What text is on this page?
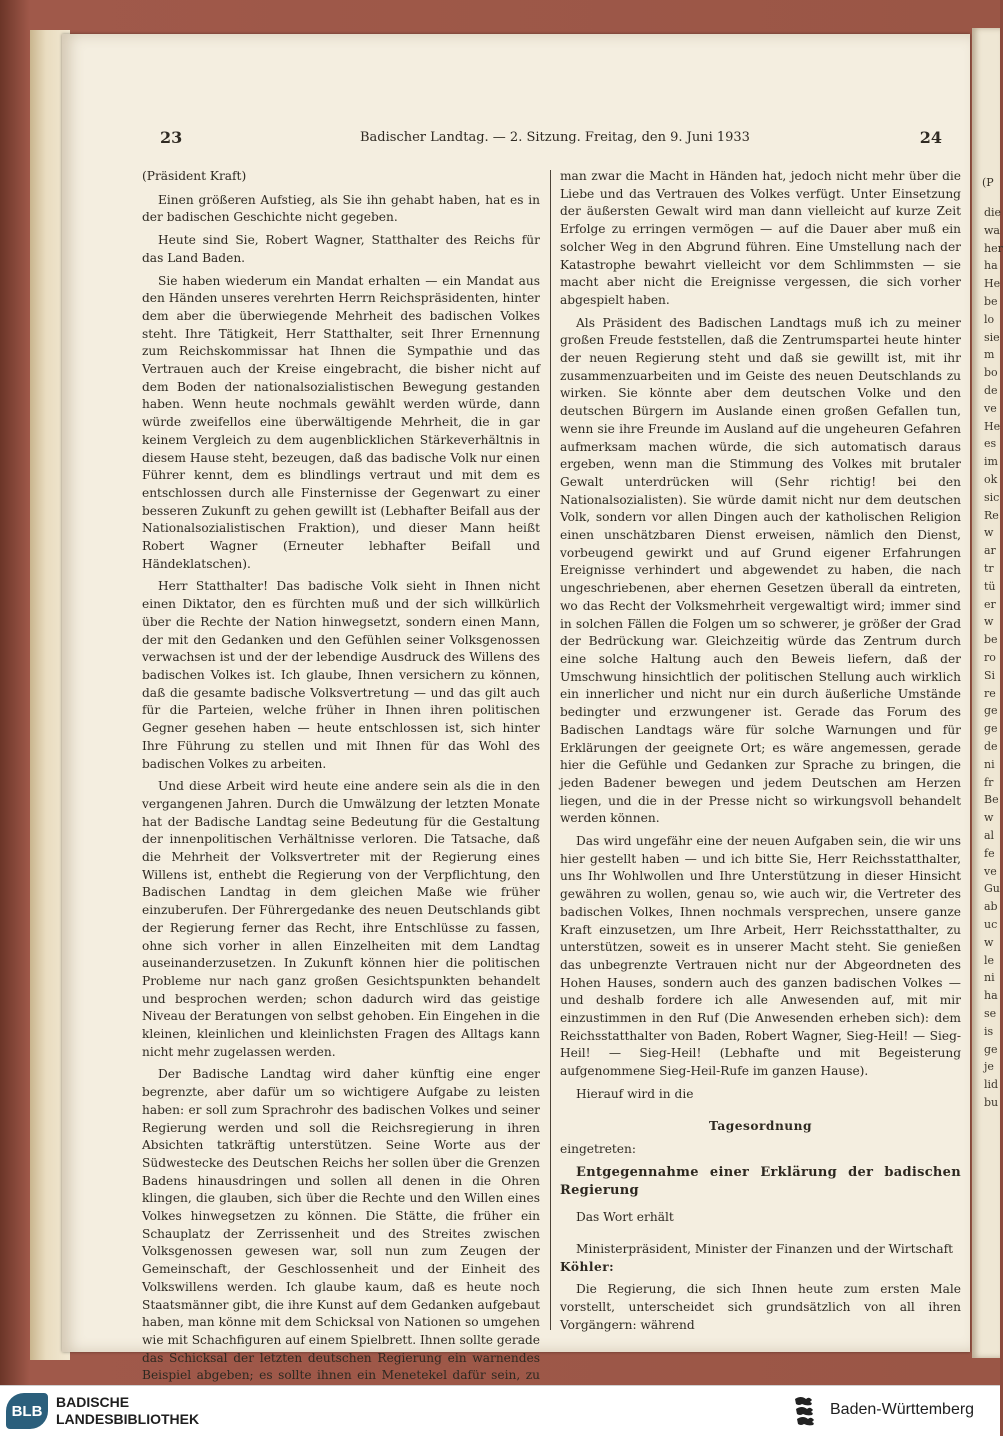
(P
die
wa
her
ha
He
be
lo
sie
m
bo
de
ve
He
es
im
ok
sic
Re
w
ar
tr
tü
er
w
be
ro
Si
re
ge
ge
de
ni
fr
Be
w
al
fe
ve
Gu
ab
uc
w
le
ni
ha
se
is
ge
je
lid
bu
23	Badischer Landtag. — 2. Sitzung. Freitag, den 9. Juni 1933	24

(Präsident Kraft)

Einen größeren Aufstieg, als Sie ihn gehabt haben, hat es in der badischen Geschichte nicht gegeben.

Heute sind Sie, Robert Wagner, Statthalter des Reichs für das Land Baden.

Sie haben wiederum ein Mandat erhalten — ein Mandat aus den Händen unseres verehrten Herrn Reichspräsidenten, hinter dem aber die überwiegende Mehrheit des badischen Volkes steht. Ihre Tätigkeit, Herr Statthalter, seit Ihrer Ernennung zum Reichskommissar hat Ihnen die Sympathie und das Vertrauen auch der Kreise eingebracht, die bisher nicht auf dem Boden der nationalsozialistischen Bewegung gestanden haben. Wenn heute nochmals gewählt werden würde, dann würde zweifellos eine überwältigende Mehrheit, die in gar keinem Vergleich zu dem augenblicklichen Stärkeverhältnis in diesem Hause steht, bezeugen, daß das badische Volk nur einen Führer kennt, dem es blindlings vertraut und mit dem es entschlossen durch alle Finsternisse der Gegenwart zu einer besseren Zukunft zu gehen gewillt ist (Lebhafter Beifall aus der Nationalsozialistischen Fraktion), und dieser Mann heißt Robert Wagner (Erneuter lebhafter Beifall und Händeklatschen).

Herr Statthalter! Das badische Volk sieht in Ihnen nicht einen Diktator, den es fürchten muß und der sich willkürlich über die Rechte der Nation hinwegsetzt, sondern einen Mann, der mit den Gedanken und den Gefühlen seiner Volksgenossen verwachsen ist und der der lebendige Ausdruck des Willens des badischen Volkes ist. Ich glaube, Ihnen versichern zu können, daß die gesamte badische Volksvertretung — und das gilt auch für die Parteien, welche früher in Ihnen ihren politischen Gegner gesehen haben — heute entschlossen ist, sich hinter Ihre Führung zu stellen und mit Ihnen für das Wohl des badischen Volkes zu arbeiten.

Und diese Arbeit wird heute eine andere sein als die in den vergangenen Jahren. Durch die Umwälzung der letzten Monate hat der Badische Landtag seine Bedeutung für die Gestaltung der innenpolitischen Verhältnisse verloren. Die Tatsache, daß die Mehrheit der Volksvertreter mit der Regierung eines Willens ist, enthebt die Regierung von der Verpflichtung, den Badischen Landtag in dem gleichen Maße wie früher einzuberufen. Der Führergedanke des neuen Deutschlands gibt der Regierung ferner das Recht, ihre Entschlüsse zu fassen, ohne sich vorher in allen Einzelheiten mit dem Landtag auseinanderzusetzen. In Zukunft können hier die politischen Probleme nur nach ganz großen Gesichtspunkten behandelt und besprochen werden; schon dadurch wird das geistige Niveau der Beratungen von selbst gehoben. Ein Eingehen in die kleinen, kleinlichen und kleinlichsten Fragen des Alltags kann nicht mehr zugelassen werden.

Der Badische Landtag wird daher künftig eine enger begrenzte, aber dafür um so wichtigere Aufgabe zu leisten haben: er soll zum Sprachrohr des badischen Volkes und seiner Regierung werden und soll die Reichsregierung in ihren Absichten tatkräftig unterstützen. Seine Worte aus der Südwestecke des Deutschen Reichs her sollen über die Grenzen Badens hinausdringen und sollen all denen in die Ohren klingen, die glauben, sich über die Rechte und den Willen eines Volkes hinwegsetzen zu können. Die Stätte, die früher ein Schauplatz der Zerrissenheit und des Streites zwischen Volksgenossen gewesen war, soll nun zum Zeugen der Gemeinschaft, der Geschlossenheit und der Einheit des Volkswillens werden. Ich glaube kaum, daß es heute noch Staatsmänner gibt, die ihre Kunst auf dem Gedanken aufgebaut haben, man könne mit dem Schicksal von Nationen so umgehen wie mit Schachfiguren auf einem Spielbrett. Ihnen sollte gerade das Schicksal der letzten deutschen Regierung ein warnendes Beispiel abgeben; es sollte ihnen ein Menetekel dafür sein, zu

man zwar die Macht in Händen hat, jedoch nicht mehr über die Liebe und das Vertrauen des Volkes verfügt. Unter Einsetzung der äußersten Gewalt wird man dann vielleicht auf kurze Zeit Erfolge zu erringen vermögen — auf die Dauer aber muß ein solcher Weg in den Abgrund führen. Eine Umstellung nach der Katastrophe bewahrt vielleicht vor dem Schlimmsten — sie macht aber nicht die Ereignisse vergessen, die sich vorher abgespielt haben.

Als Präsident des Badischen Landtags muß ich zu meiner großen Freude feststellen, daß die Zentrumspartei heute hinter der neuen Regierung steht und daß sie gewillt ist, mit ihr zusammenzuarbeiten und im Geiste des neuen Deutschlands zu wirken. Sie könnte aber dem deutschen Volke und den deutschen Bürgern im Auslande einen großen Gefallen tun, wenn sie ihre Freunde im Ausland auf die ungeheuren Gefahren aufmerksam machen würde, die sich automatisch daraus ergeben, wenn man die Stimmung des Volkes mit brutaler Gewalt unterdrücken will (Sehr richtig! bei den Nationalsozialisten). Sie würde damit nicht nur dem deutschen Volk, sondern vor allen Dingen auch der katholischen Religion einen unschätzbaren Dienst erweisen, nämlich den Dienst, vorbeugend gewirkt und auf Grund eigener Erfahrungen Ereignisse verhindert und abgewendet zu haben, die nach ungeschriebenen, aber ehernen Gesetzen überall da eintreten, wo das Recht der Volksmehrheit vergewaltigt wird; immer sind in solchen Fällen die Folgen um so schwerer, je größer der Grad der Bedrückung war. Gleichzeitig würde das Zentrum durch eine solche Haltung auch den Beweis liefern, daß der Umschwung hinsichtlich der politischen Stellung auch wirklich ein innerlicher und nicht nur ein durch äußerliche Umstände bedingter und erzwungener ist. Gerade das Forum des Badischen Landtags wäre für solche Warnungen und für Erklärungen der geeignete Ort; es wäre angemessen, gerade hier die Gefühle und Gedanken zur Sprache zu bringen, die jeden Badener bewegen und jedem Deutschen am Herzen liegen, und die in der Presse nicht so wirkungsvoll behandelt werden können.

Das wird ungefähr eine der neuen Aufgaben sein, die wir uns hier gestellt haben — und ich bitte Sie, Herr Reichsstatthalter, uns Ihr Wohlwollen und Ihre Unterstützung in dieser Hinsicht gewähren zu wollen, genau so, wie auch wir, die Vertreter des badischen Volkes, Ihnen nochmals versprechen, unsere ganze Kraft einzusetzen, um Ihre Arbeit, Herr Reichsstatthalter, zu unterstützen, soweit es in unserer Macht steht. Sie genießen das unbegrenzte Vertrauen nicht nur der Abgeordneten des Hohen Hauses, sondern auch des ganzen badischen Volkes — und deshalb fordere ich alle Anwesenden auf, mit mir einzustimmen in den Ruf (Die Anwesenden erheben sich): dem Reichsstatthalter von Baden, Robert Wagner, Sieg-Heil! — Sieg-Heil! — Sieg-Heil! (Lebhafte und mit Begeisterung aufgenommene Sieg-Heil-Rufe im ganzen Hause).

Hierauf wird in die

Tagesordnung

eingetreten:

Entgegennahme einer Erklärung der badischen Regierung

Das Wort erhält

Ministerpräsident, Minister der Finanzen und der Wirtschaft

Köhler:

Die Regierung, die sich Ihnen heute zum ersten Male vorstellt, unterscheidet sich grundsätzlich von all ihren Vorgängern: während

BLB
BADISCHE
LANDESBIBLIOTHEK
Baden-Württemberg
